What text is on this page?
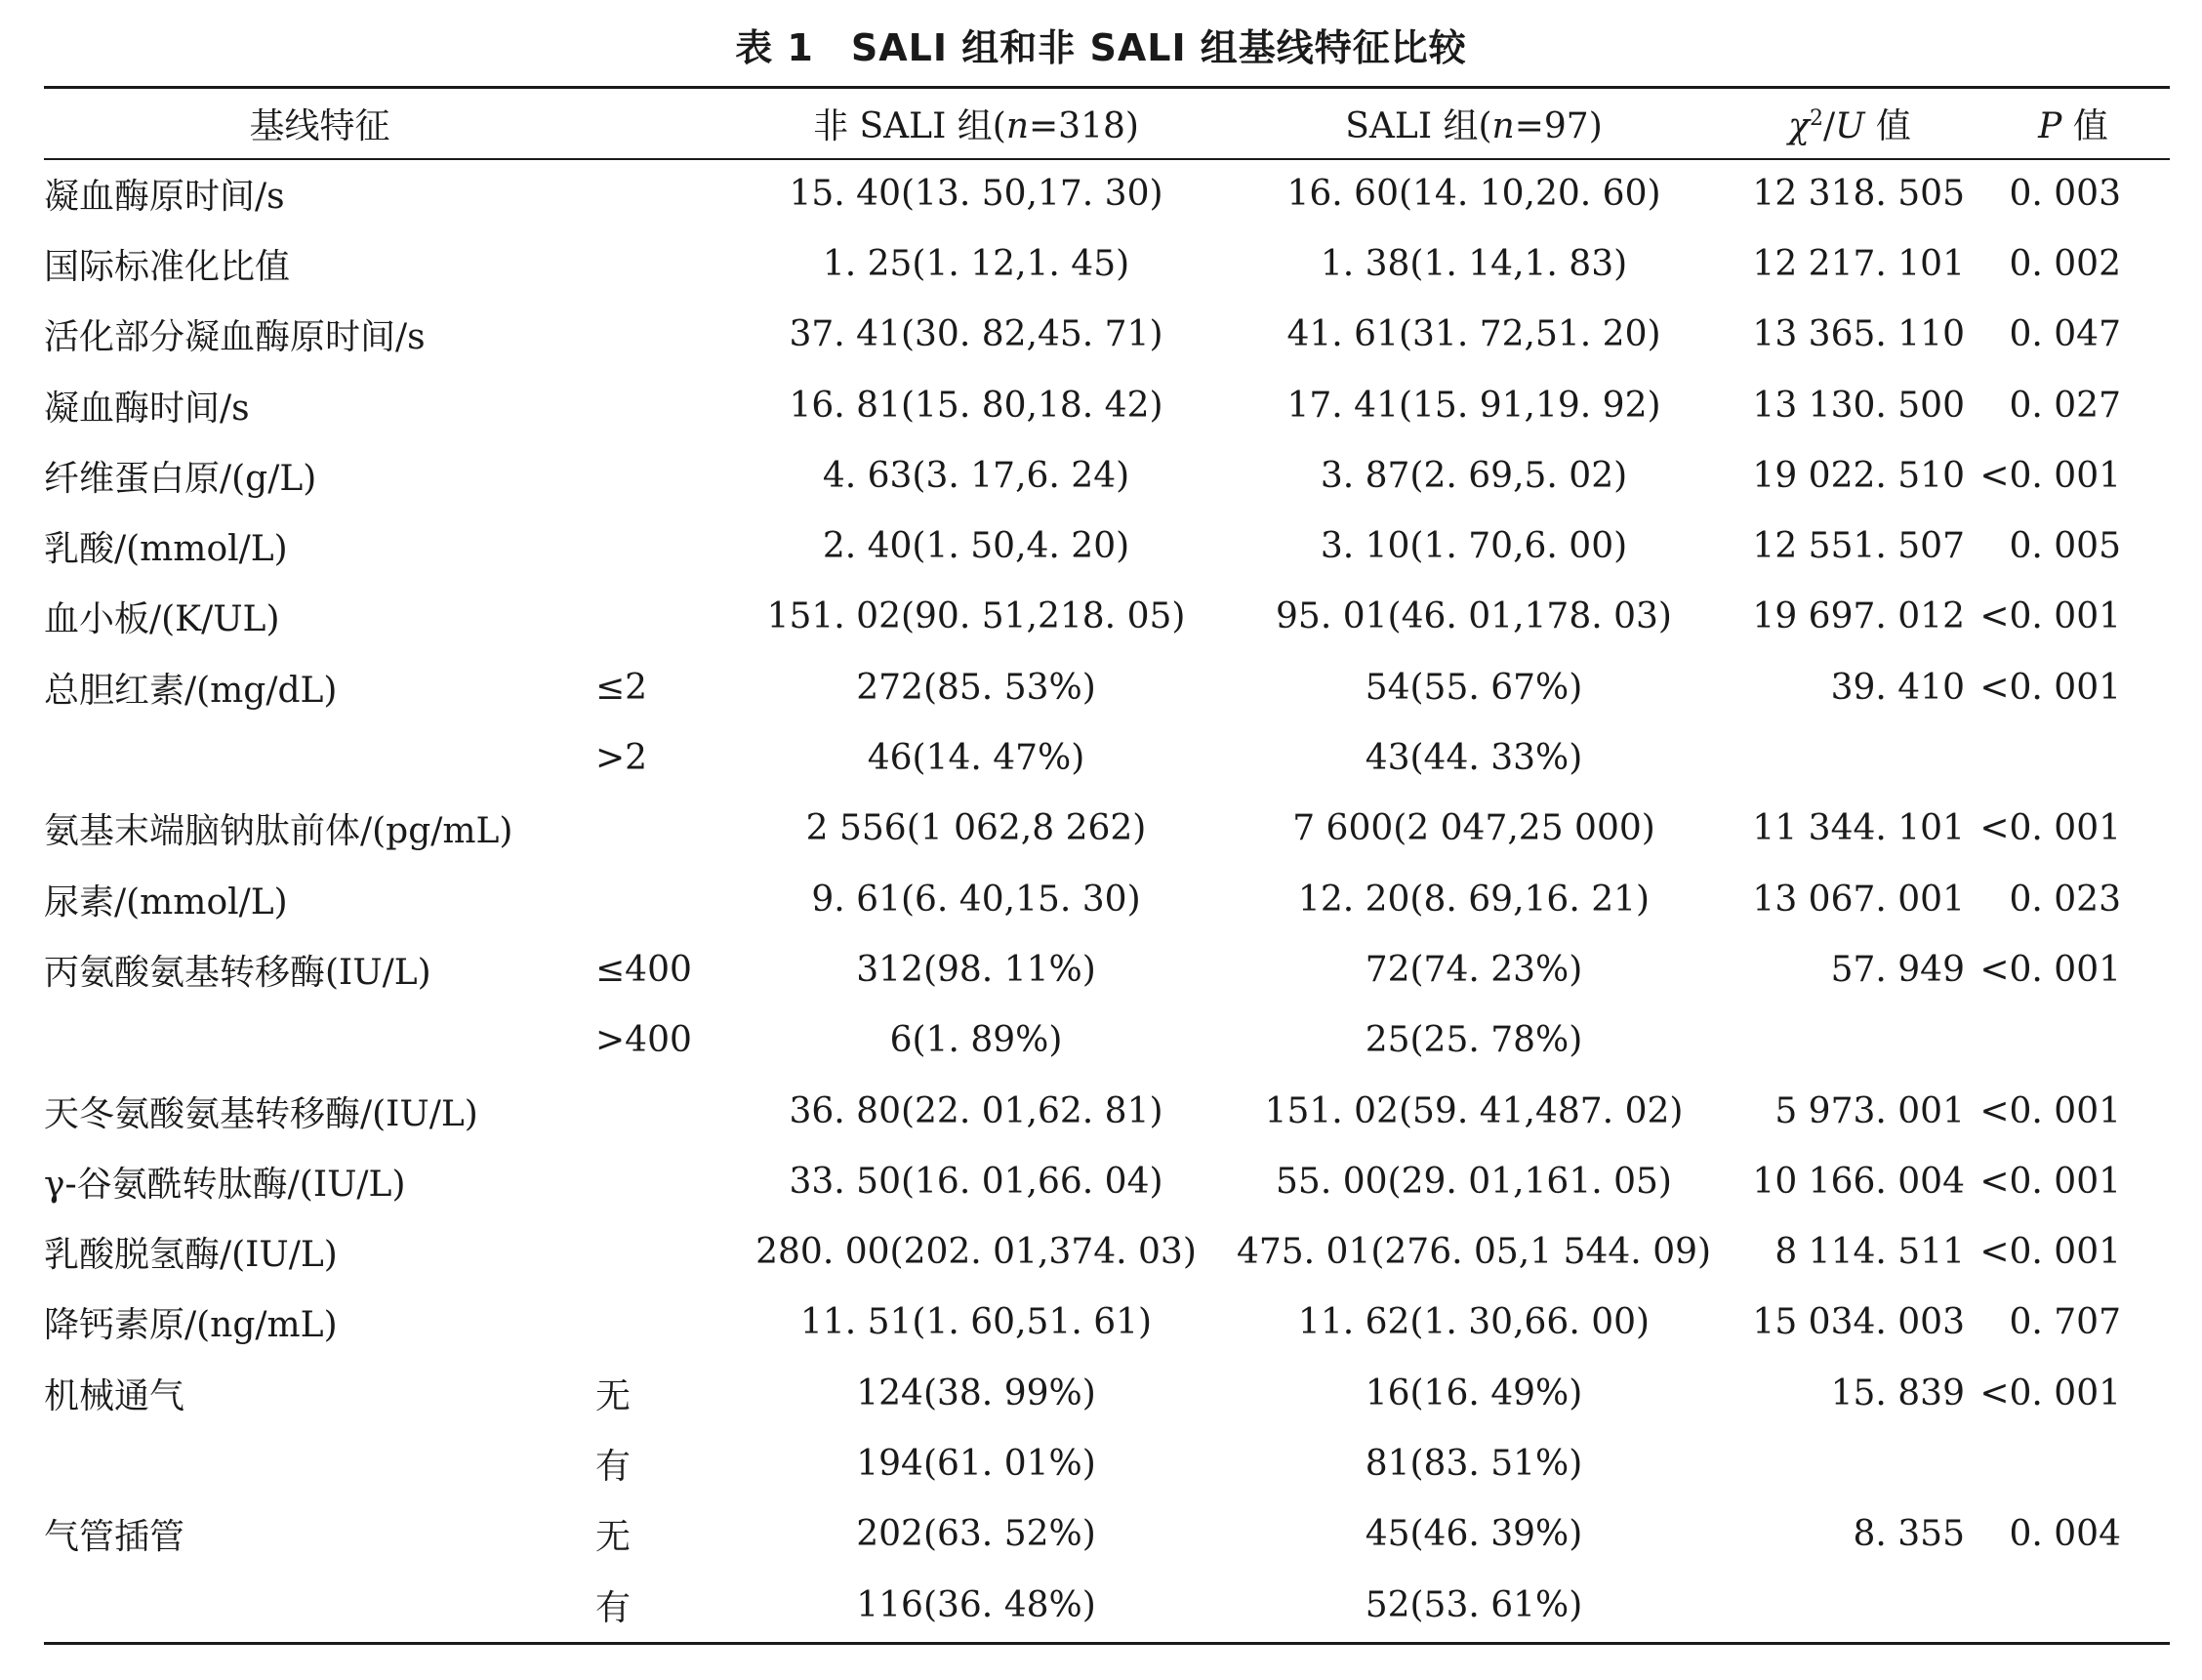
表 1 SALI 组和非 SALI 组基线特征比较
基线特征		非 SALI 组(n=318)	SALI 组(n=97)	$\chi^2/U$ 值	P 值
凝血酶原时间/s		15. 40(13. 50,17. 30)	16. 60(14. 10,20. 60)	12 318. 505	0. 003
国际标准化比值		1. 25(1. 12,1. 45)	1. 38(1. 14,1. 83)	12 217. 101	0. 002
活化部分凝血酶原时间/s		37. 41(30. 82,45. 71)	41. 61(31. 72,51. 20)	13 365. 110	0. 047
凝血酶时间/s		16. 81(15. 80,18. 42)	17. 41(15. 91,19. 92)	13 130. 500	0. 027
纤维蛋白原/(g/L)		4. 63(3. 17,6. 24)	3. 87(2. 69,5. 02)	19 022. 510	<0. 001
乳酸/(mmol/L)		2. 40(1. 50,4. 20)	3. 10(1. 70,6. 00)	12 551. 507	0. 005
血小板/(K/UL)		151. 02(90. 51,218. 05)	95. 01(46. 01,178. 03)	19 697. 012	<0. 001
总胆红素/(mg/dL)	≤2	272(85. 53%)	54(55. 67%)	39. 410	<0. 001
	>2	46(14. 47%)	43(44. 33%)		
氨基末端脑钠肽前体/(pg/mL)		2 556(1 062,8 262)	7 600(2 047,25 000)	11 344. 101	<0. 001
尿素/(mmol/L)		9. 61(6. 40,15. 30)	12. 20(8. 69,16. 21)	13 067. 001	0. 023
丙氨酸氨基转移酶(IU/L)	≤400	312(98. 11%)	72(74. 23%)	57. 949	<0. 001
	>400	6(1. 89%)	25(25. 78%)		
天冬氨酸氨基转移酶/(IU/L)		36. 80(22. 01,62. 81)	151. 02(59. 41,487. 02)	5 973. 001	<0. 001
γ-谷氨酰转肽酶/(IU/L)		33. 50(16. 01,66. 04)	55. 00(29. 01,161. 05)	10 166. 004	<0. 001
乳酸脱氢酶/(IU/L)		280. 00(202. 01,374. 03)	475. 01(276. 05,1 544. 09)	8 114. 511	<0. 001
降钙素原/(ng/mL)		11. 51(1. 60,51. 61)	11. 62(1. 30,66. 00)	15 034. 003	0. 707
机械通气	无	124(38. 99%)	16(16. 49%)	15. 839	<0. 001
	有	194(61. 01%)	81(83. 51%)		
气管插管	无	202(63. 52%)	45(46. 39%)	8. 355	0. 004
	有	116(36. 48%)	52(53. 61%)		
